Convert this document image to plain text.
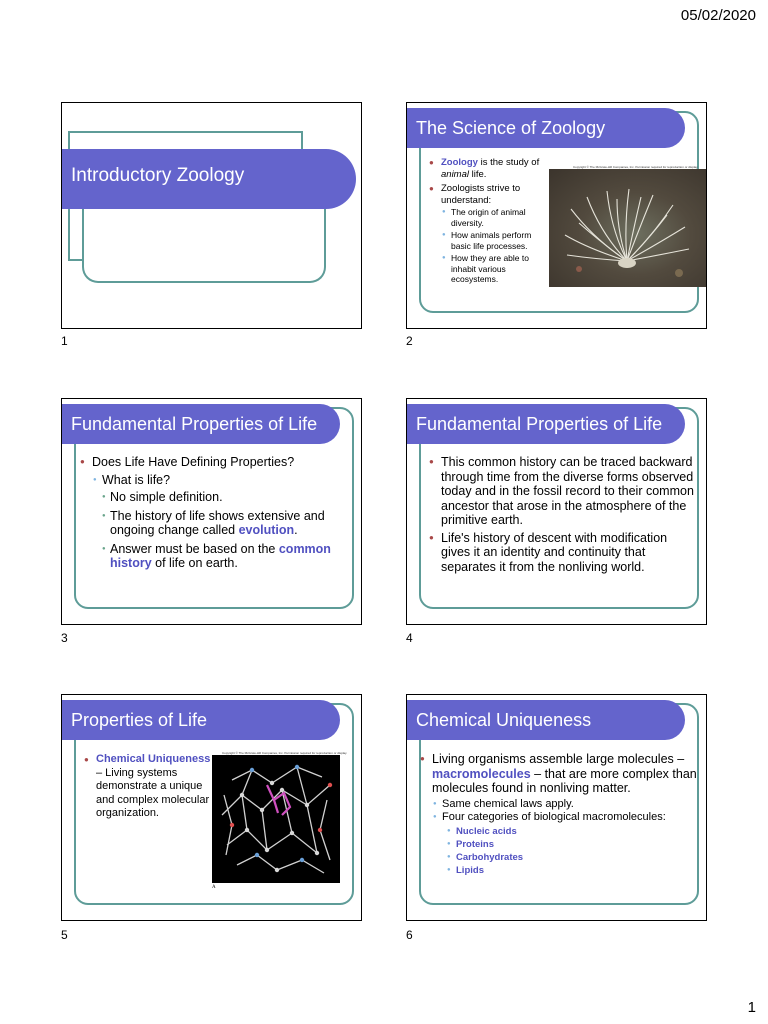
05/02/2020
Introductory Zoology
1
The Science of Zoology
● Zoology is the study of animal life.
● Zoologists strive to understand:
● The origin of animal diversity.
● How animals perform basic life processes.
● How they are able to inhabit various ecosystems.
Copyright © The McGraw-Hill Companies, Inc. Permission required for reproduction or display.
2
Fundamental Properties of Life
● Does Life Have Defining Properties?
● What is life?
● No simple definition.
● The history of life shows extensive and ongoing change called evolution.
● Answer must be based on the common history of life on earth.
3
Fundamental Properties of Life
● This common history can be traced backward through time from the diverse forms observed today and in the fossil record to their common ancestor that arose in the atmosphere of the primitive earth.
● Life's history of descent with modification gives it an identity and continuity that separates it from the nonliving world.
4
Properties of Life
● Chemical Uniqueness – Living systems demonstrate a unique and complex molecular organization.
Copyright © The McGraw-Hill Companies, Inc. Permission required for reproduction or display.
A
5
Chemical Uniqueness
● Living organisms assemble large molecules – macromolecules – that are more complex than molecules found in nonliving matter.
● Same chemical laws apply.
● Four categories of biological macromolecules:
● Nucleic acids
● Proteins
● Carbohydrates
● Lipids
6
1
